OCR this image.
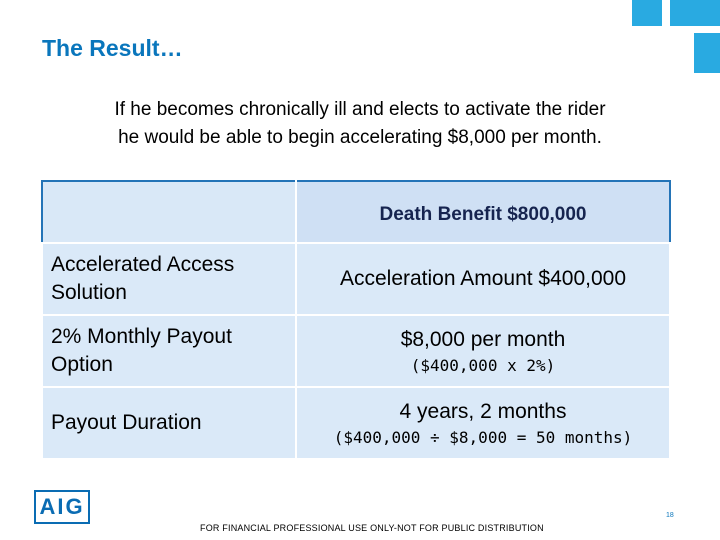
The Result…
If he becomes chronically ill and elects to activate the rider
he would be able to begin accelerating $8,000 per month.
	Death Benefit $800,000
Accelerated Access Solution	Acceleration Amount $400,000
2% Monthly Payout Option	$8,000 per month
($400,000 x 2%)

Payout Duration	4 years, 2 months
($400,000 ÷ $8,000 = 50 months)
AIG	18
FOR FINANCIAL PROFESSIONAL USE ONLY-NOT FOR PUBLIC DISTRIBUTION
